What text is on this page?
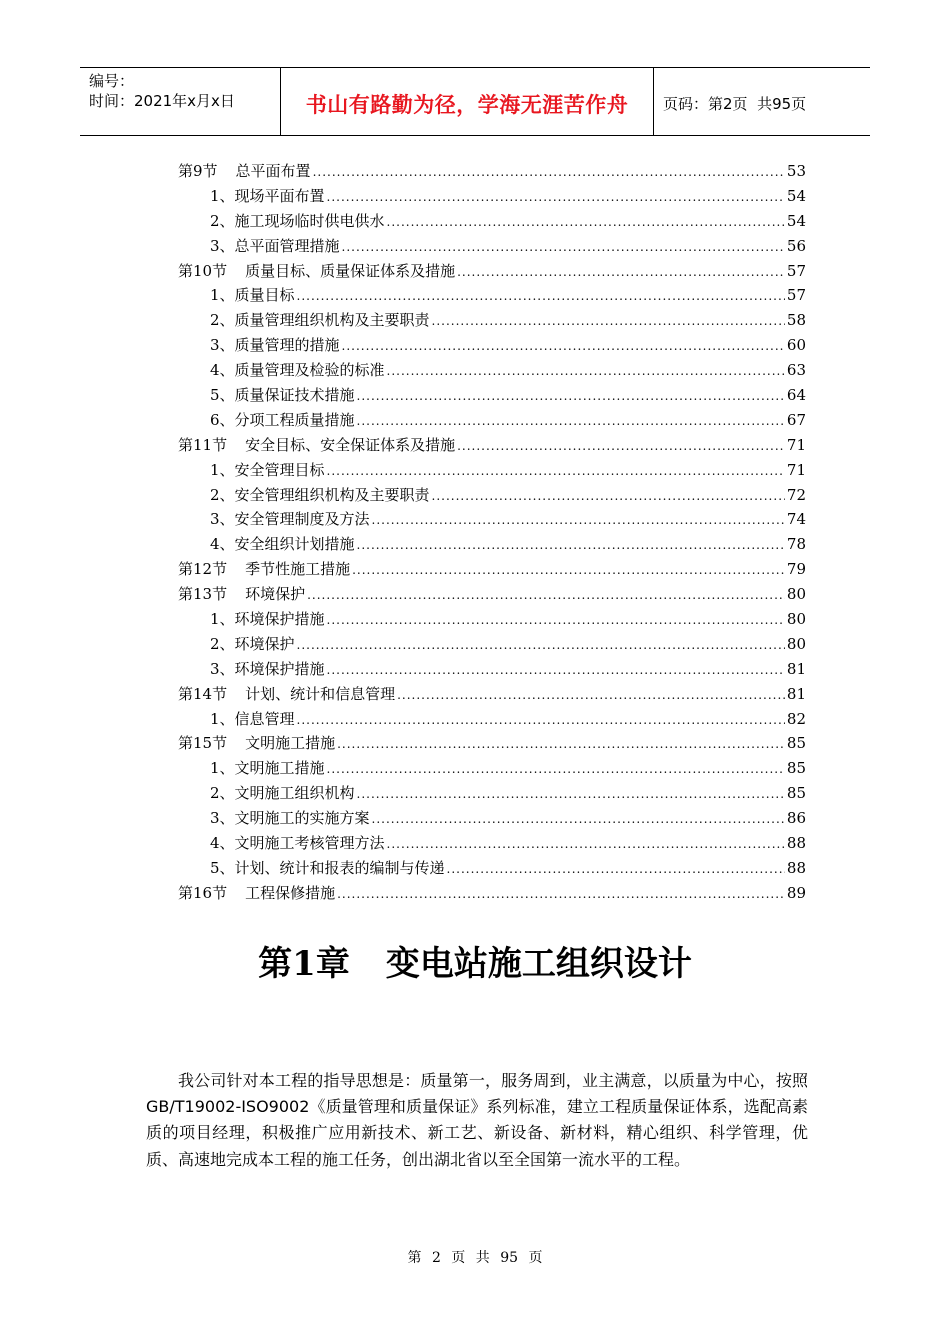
编号：
时间：2021年x月x日	书山有路勤为径，学海无涯苦作舟 页码：第2页  共95页
第9节 总平面布置 .....	53
1、现场平面布置 .....	54
2、施工现场临时供电供水 .....	54
3、总平面管理措施 .....	56
第10节 质量目标、质量保证体系及措施 .....	57
1、质量目标 .....	57
2、质量管理组织机构及主要职责 .....	58
3、质量管理的措施 .....	60
4、质量管理及检验的标准 .....	63
5、质量保证技术措施 .....	64
6、分项工程质量措施 .....	67
第11节 安全目标、安全保证体系及措施 .....	71
1、安全管理目标 .....	71
2、安全管理组织机构及主要职责 .....	72
3、安全管理制度及方法 .....	74
4、安全组织计划措施 .....	78
第12节 季节性施工措施 .....	79
第13节 环境保护 .....	80
1、环境保护措施 .....	80
2、环境保护 .....	80
3、环境保护措施 .....	81
第14节 计划、统计和信息管理 .....	81
1、信息管理 .....	82
第15节 文明施工措施 .....	85
1、文明施工措施 .....	85
2、文明施工组织机构 .....	85
3、文明施工的实施方案 .....	86
4、文明施工考核管理方法 .....	88
5、计划、统计和报表的编制与传递 .....	88
第16节 工程保修措施 .....	89
第1章 变电站施工组织设计
我公司针对本工程的指导思想是：质量第一，服务周到，业主满意，以质量为中心，按照GB/T19002-ISO9002《质量管理和质量保证》系列标准，建立工程质量保证体系，选配高素质的项目经理，积极推广应用新技术、新工艺、新设备、新材料，精心组织、科学管理，优质、高速地完成本工程的施工任务，创出湖北省以至全国第一流水平的工程。
第 2 页 共 95 页
